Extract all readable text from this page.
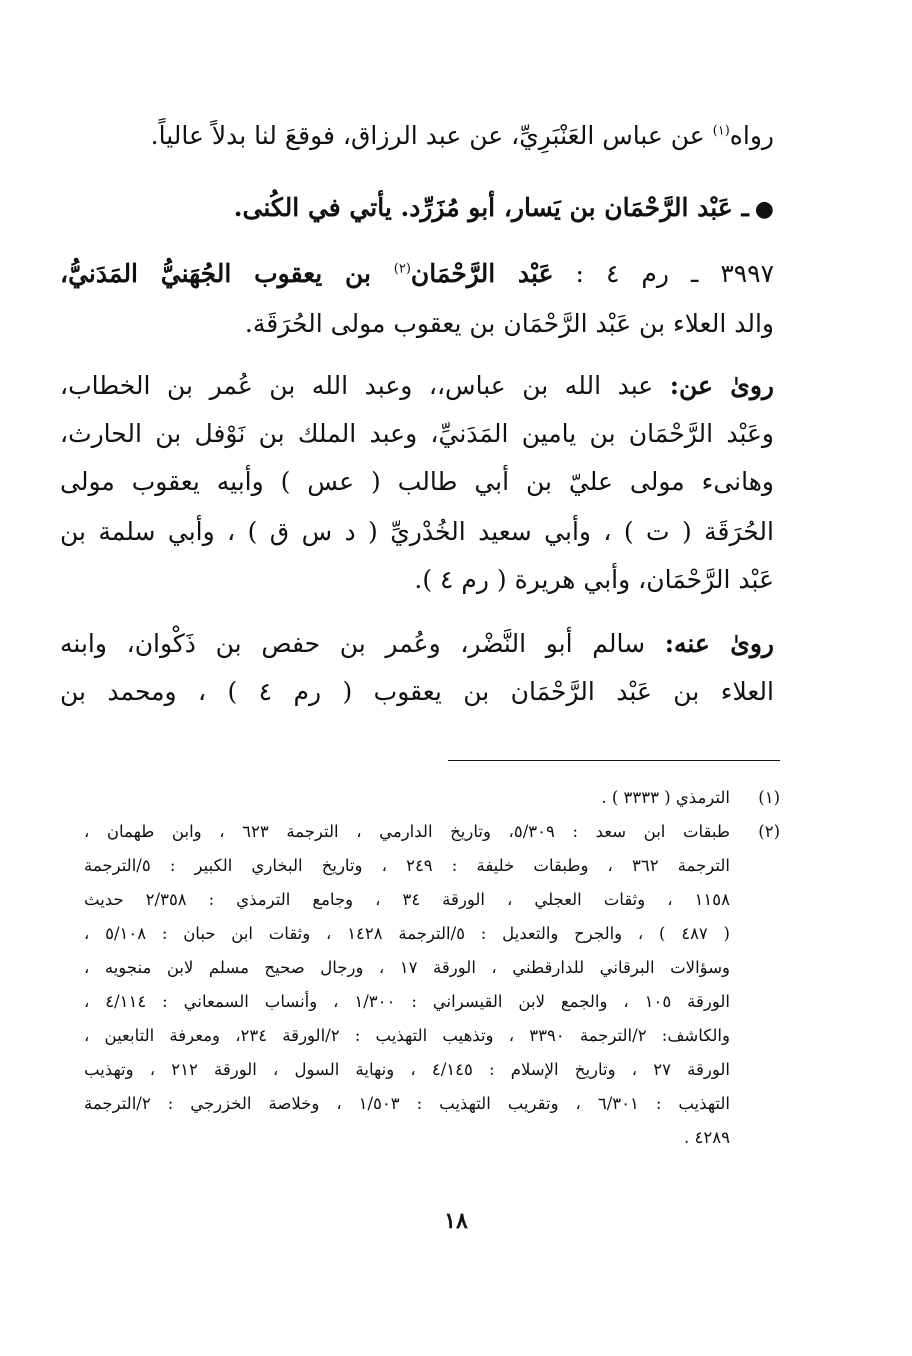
رواه$^{(١)}$ عن عباس العَنْبَرِيِّ، عن عبد الرزاق، فوقعَ لنا بدلاً عالياً.
●ـ عَبْد الرَّحْمَان بن يَسار، أبو مُزَرِّد. يأتي في الكُنى.
٣٩٩٧ ـ رم ٤ : عَبْد الرَّحْمَان$^{(٢)}$ بن يعقوب الجُهَنيُّ المَدَنيُّ،
والد العلاء بن عَبْد الرَّحْمَان بن يعقوب مولى الحُرَقَة.
روىٰ عن: عبد الله بن عباس،، وعبد الله بن عُمر بن الخطاب،
وعَبْد الرَّحْمَان بن يامين المَدَنيِّ، وعبد الملك بن نَوْفل بن الحارث،
وهانىء مولى عليّ بن أبي طالب ( عس ) وأبيه يعقوب مولى
الحُرَقَة ( ت ) ، وأبي سعيد الخُدْريِّ ( د س ق ) ، وأبي سلمة بن
عَبْد الرَّحْمَان، وأبي هريرة ( رم ٤ ).
روىٰ عنه: سالم أبو النَّضْر، وعُمر بن حفص بن ذَكْوان، وابنه
العلاء بن عَبْد الرَّحْمَان بن يعقوب ( رم ٤ ) ، ومحمد بن
(١)
الترمذي ( ٣٣٣٣ ) .
(٢)
طبقات ابن سعد : ٥/٣٠٩، وتاريخ الدارمي ، الترجمة ٦٢٣ ، وابن طهمان ،
الترجمة ٣٦٢ ، وطبقات خليفة : ٢٤٩ ، وتاريخ البخاري الكبير : ٥/الترجمة
١١٥٨ ، وثقات العجلي ، الورقة ٣٤ ، وجامع الترمذي : ٢/٣٥٨ حديث
( ٤٨٧ ) ، والجرح والتعديل : ٥/الترجمة ١٤٢٨ ، وثقات ابن حبان : ٥/١٠٨ ،
وسؤالات البرقاني للدارقطني ، الورقة ١٧ ، ورجال صحيح مسلم لابن منجويه ،
الورقة ١٠٥ ، والجمع لابن القيسراني : ١/٣٠٠ ، وأنساب السمعاني : ٤/١١٤ ،
والكاشف: ٢/الترجمة ٣٣٩٠ ، وتذهيب التهذيب : ٢/الورقة ٢٣٤، ومعرفة التابعين ،
الورقة ٢٧ ، وتاريخ الإسلام : ٤/١٤٥ ، ونهاية السول ، الورقة ٢١٢ ، وتهذيب
التهذيب : ٦/٣٠١ ، وتقريب التهذيب : ١/٥٠٣ ، وخلاصة الخزرجي : ٢/الترجمة
٤٢٨٩ .
١٨
